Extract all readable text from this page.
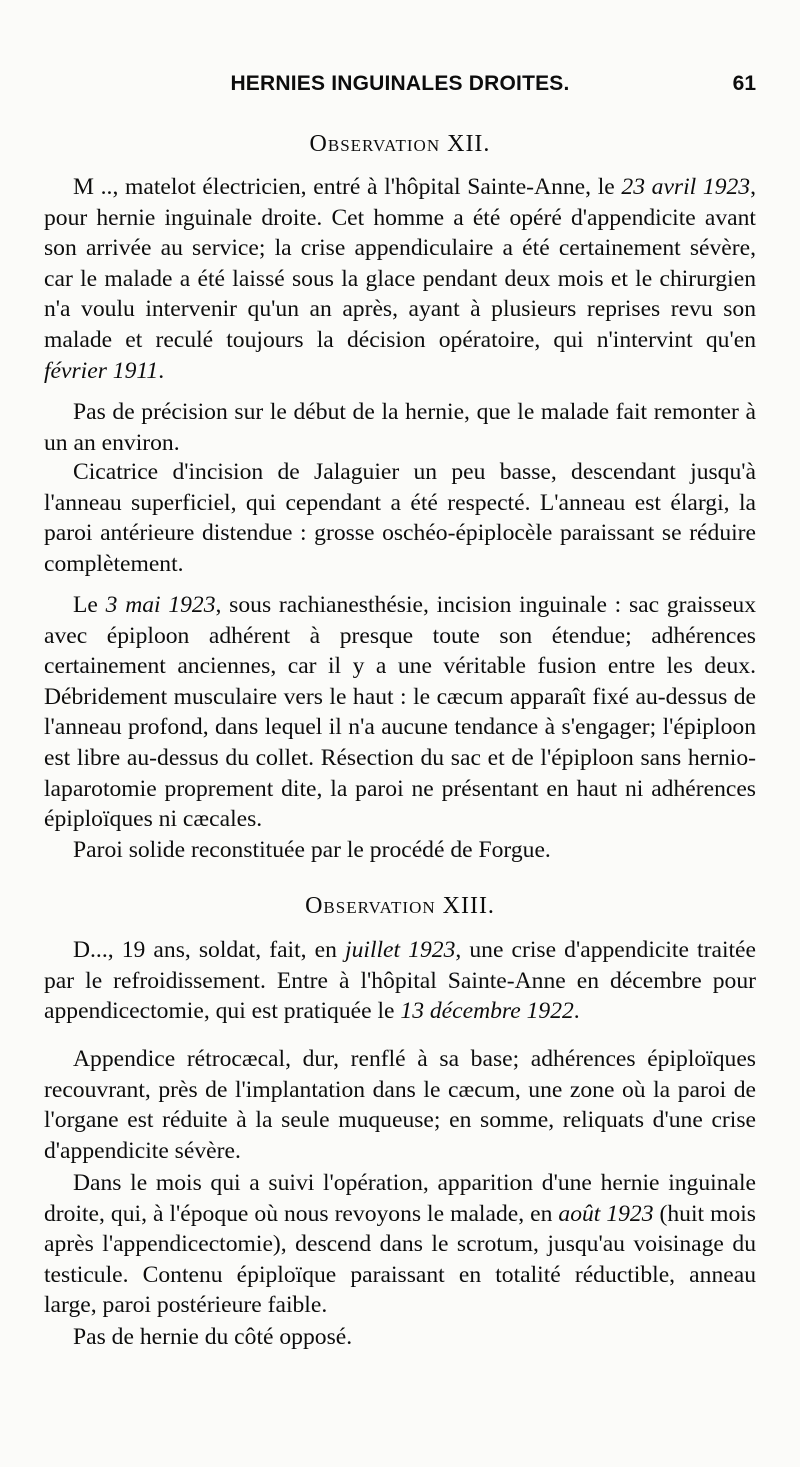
HERNIES INGUINALES DROITES.	61
Observation XII.

M .., matelot électricien, entré à l'hôpital Sainte-Anne, le 23 avril 1923, pour hernie inguinale droite. Cet homme a été opéré d'appendicite avant son arrivée au service; la crise appendiculaire a été certainement sévère, car le malade a été laissé sous la glace pendant deux mois et le chirurgien n'a voulu intervenir qu'un an après, ayant à plusieurs reprises revu son malade et reculé toujours la décision opératoire, qui n'intervint qu'en février 1911.

Pas de précision sur le début de la hernie, que le malade fait remonter à un an environ.

Cicatrice d'incision de Jalaguier un peu basse, descendant jusqu'à l'anneau superficiel, qui cependant a été respecté. L'anneau est élargi, la paroi antérieure distendue : grosse oschéo-épiplocèle paraissant se réduire complètement.

Le 3 mai 1923, sous rachianesthésie, incision inguinale : sac graisseux avec épiploon adhérent à presque toute son étendue; adhérences certainement anciennes, car il y a une véritable fusion entre les deux. Débridement musculaire vers le haut : le cæcum apparaît fixé au-dessus de l'anneau profond, dans lequel il n'a aucune tendance à s'engager; l'épiploon est libre au-dessus du collet. Résection du sac et de l'épiploon sans hernio-laparotomie proprement dite, la paroi ne présentant en haut ni adhérences épiploïques ni cæcales.

Paroi solide reconstituée par le procédé de Forgue.

Observation XIII.

D..., 19 ans, soldat, fait, en juillet 1923, une crise d'appendicite traitée par le refroidissement. Entre à l'hôpital Sainte-Anne en décembre pour appendicectomie, qui est pratiquée le 13 décembre 1922.

Appendice rétrocæcal, dur, renflé à sa base; adhérences épiploïques recouvrant, près de l'implantation dans le cæcum, une zone où la paroi de l'organe est réduite à la seule muqueuse; en somme, reliquats d'une crise d'appendicite sévère.

Dans le mois qui a suivi l'opération, apparition d'une hernie inguinale droite, qui, à l'époque où nous revoyons le malade, en août 1923 (huit mois après l'appendicectomie), descend dans le scrotum, jusqu'au voisinage du testicule. Contenu épiploïque paraissant en totalité réductible, anneau large, paroi postérieure faible.

Pas de hernie du côté opposé.
